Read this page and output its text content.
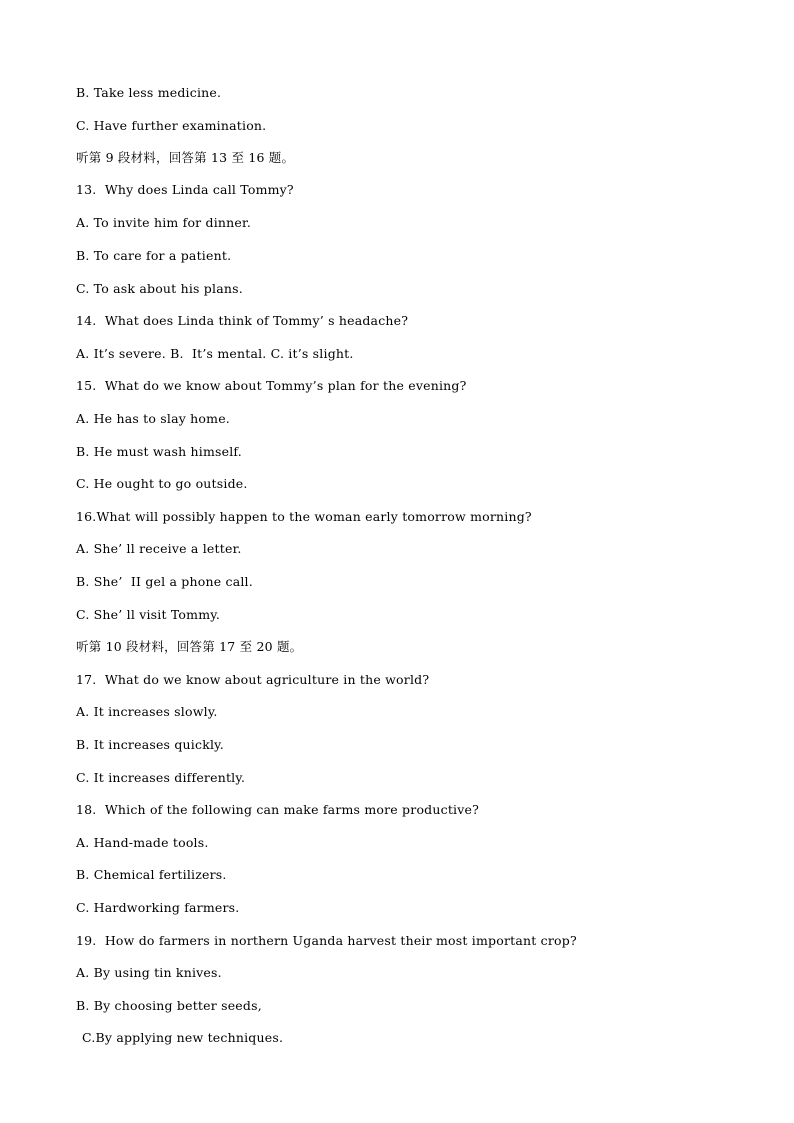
B. Take less medicine.
C. Have further examination.
听第 9 段材料，回答第 13 至 16 题。
13.  Why does Linda call Tommy?
A. To invite him for dinner.
B. To care for a patient.
C. To ask about his plans.
14.  What does Linda think of Tommy’ s headache?
A. It’s severe. B.  It’s mental. C. it’s slight.
15.  What do we know about Tommy’s plan for the evening?
A. He has to slay home.
B. He must wash himself.
C. He ought to go outside.
16.What will possibly happen to the woman early tomorrow morning?
A. She’ ll receive a letter.
B. She’  II gel a phone call.
C. She’ ll visit Tommy.
听第 10 段材料，回答第 17 至 20 题。
17.  What do we know about agriculture in the world?
A. It increases slowly.
B. It increases quickly.
C. It increases differently.
18.  Which of the following can make farms more productive?
A. Hand-made tools.
B. Chemical fertilizers.
C. Hardworking farmers.
19.  How do farmers in northern Uganda harvest their most important crop?
A. By using tin knives.
B. By choosing better seeds,
C.By applying new techniques.
